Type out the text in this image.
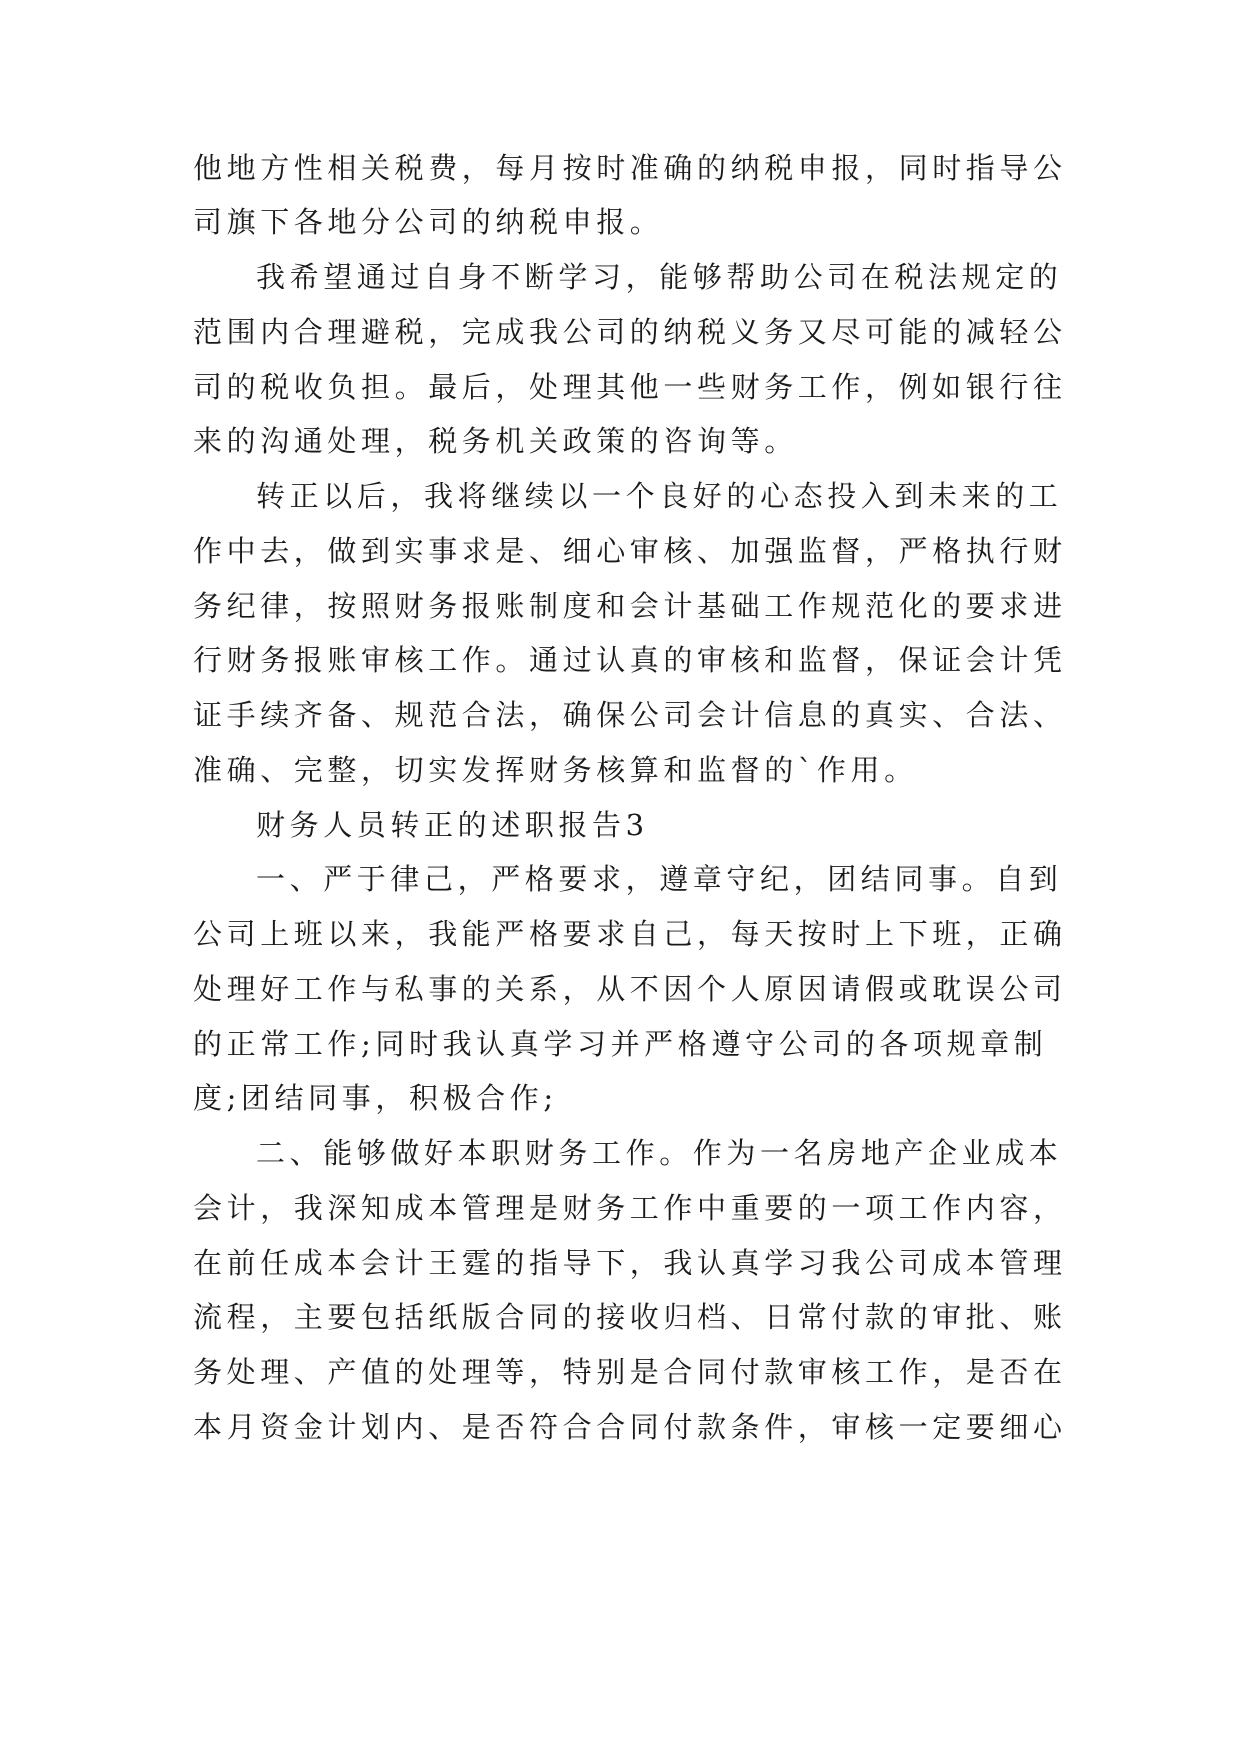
他地方性相关税费，每月按时准确的纳税申报，同时指导公
司旗下各地分公司的纳税申报。
我希望通过自身不断学习，能够帮助公司在税法规定的
范围内合理避税，完成我公司的纳税义务又尽可能的减轻公
司的税收负担。最后，处理其他一些财务工作，例如银行往
来的沟通处理，税务机关政策的咨询等。
转正以后，我将继续以一个良好的心态投入到未来的工
作中去，做到实事求是、细心审核、加强监督，严格执行财
务纪律，按照财务报账制度和会计基础工作规范化的要求进
行财务报账审核工作。通过认真的审核和监督，保证会计凭
证手续齐备、规范合法，确保公司会计信息的真实、合法、
准确、完整，切实发挥财务核算和监督的`作用。
财务人员转正的述职报告3
一、严于律己，严格要求，遵章守纪，团结同事。自到
公司上班以来，我能严格要求自己，每天按时上下班，正确
处理好工作与私事的关系，从不因个人原因请假或耽误公司
的正常工作;同时我认真学习并严格遵守公司的各项规章制
度;团结同事，积极合作;
二、能够做好本职财务工作。作为一名房地产企业成本
会计，我深知成本管理是财务工作中重要的一项工作内容，
在前任成本会计王霆的指导下，我认真学习我公司成本管理
流程，主要包括纸版合同的接收归档、日常付款的审批、账
务处理、产值的处理等，特别是合同付款审核工作，是否在
本月资金计划内、是否符合合同付款条件，审核一定要细心
